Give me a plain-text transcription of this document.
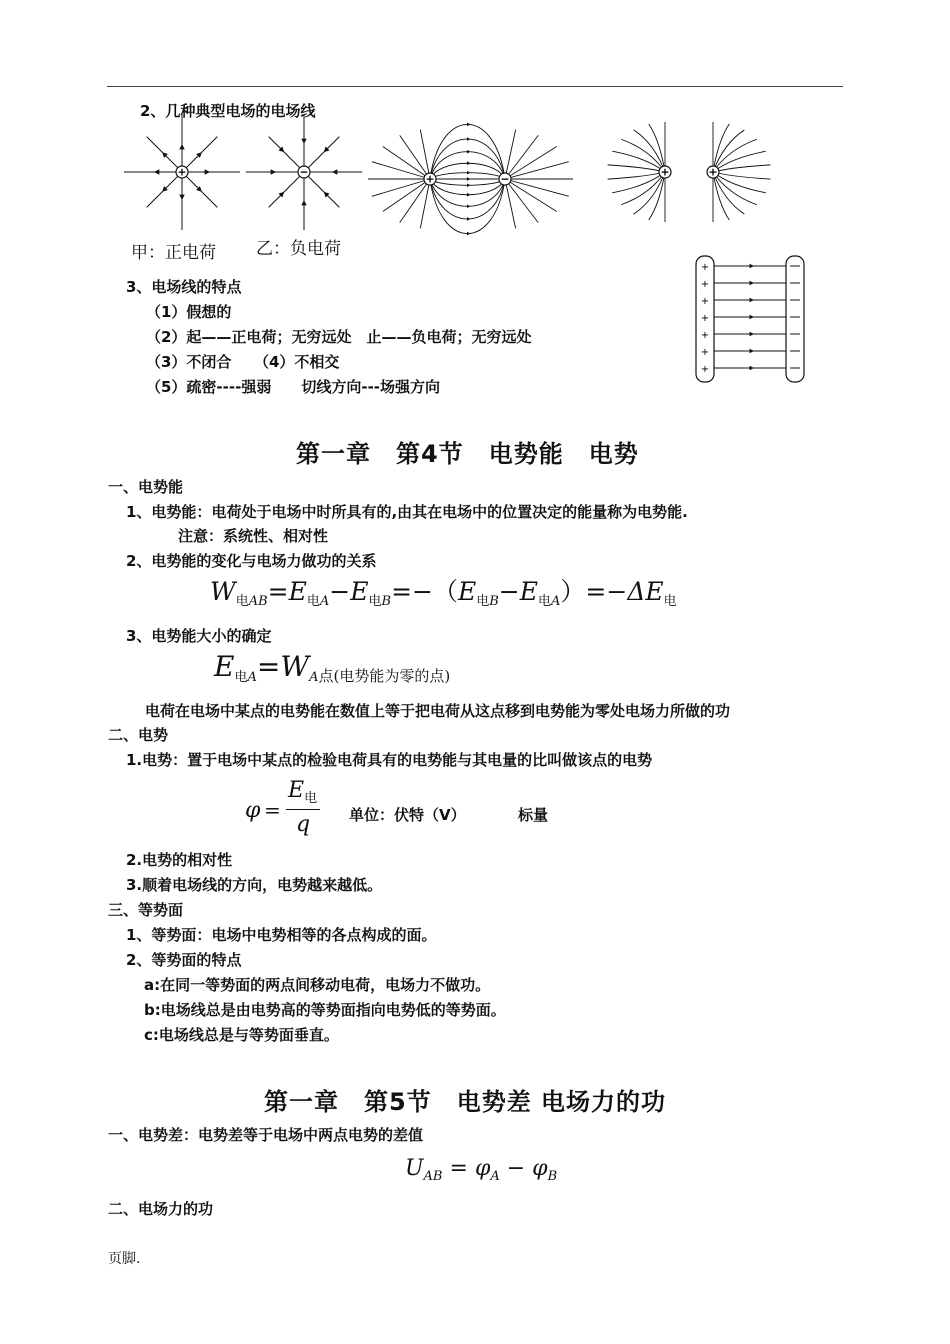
2、几种典型电场的电场线
+	−
甲：正电荷 乙：负电荷
+	−
+	+
3、电场线的特点
（1）假想的
（2）起——正电荷；无穷远处　止——负电荷；无穷远处
（3）不闭合　　（4）不相交
（5）疏密----强弱　　切线方向---场强方向
+
+
+
+
+
+
+
第一章　第4节　电势能　电势
一、电势能
1、电势能：电荷处于电场中时所具有的,由其在电场中的位置决定的能量称为电势能.
注意：系统性、相对性
2、电势能的变化与电场力做功的关系
$W_{电AB}=E_{电A}-E_{电B}=-(E_{电B}-E_{电A})=-\Delta E_电$
3、电势能大小的确定
E电$_A=W_A$点(电势能为零的点)
电荷在电场中某点的电势能在数值上等于把电荷从这点移到电势能为零处电场力所做的功
二、电势
1.电势：置于电场中某点的检验电荷具有的电势能与其电量的比叫做该点的电势
φ =
$E_电$
q	单位：伏特（V）	标量
2.电势的相对性
3.顺着电场线的方向，电势越来越低。
三、等势面
1、等势面：电场中电势相等的各点构成的面。
2、等势面的特点
a:在同一等势面的两点间移动电荷，电场力不做功。
b:电场线总是由电势高的等势面指向电势低的等势面。
c:电场线总是与等势面垂直。
第一章　第5节　电势差 电场力的功
一、电势差：电势差等于电场中两点电势的差值
$U_{AB} = \varphi_A - \varphi_B$
二、电场力的功
页脚.
